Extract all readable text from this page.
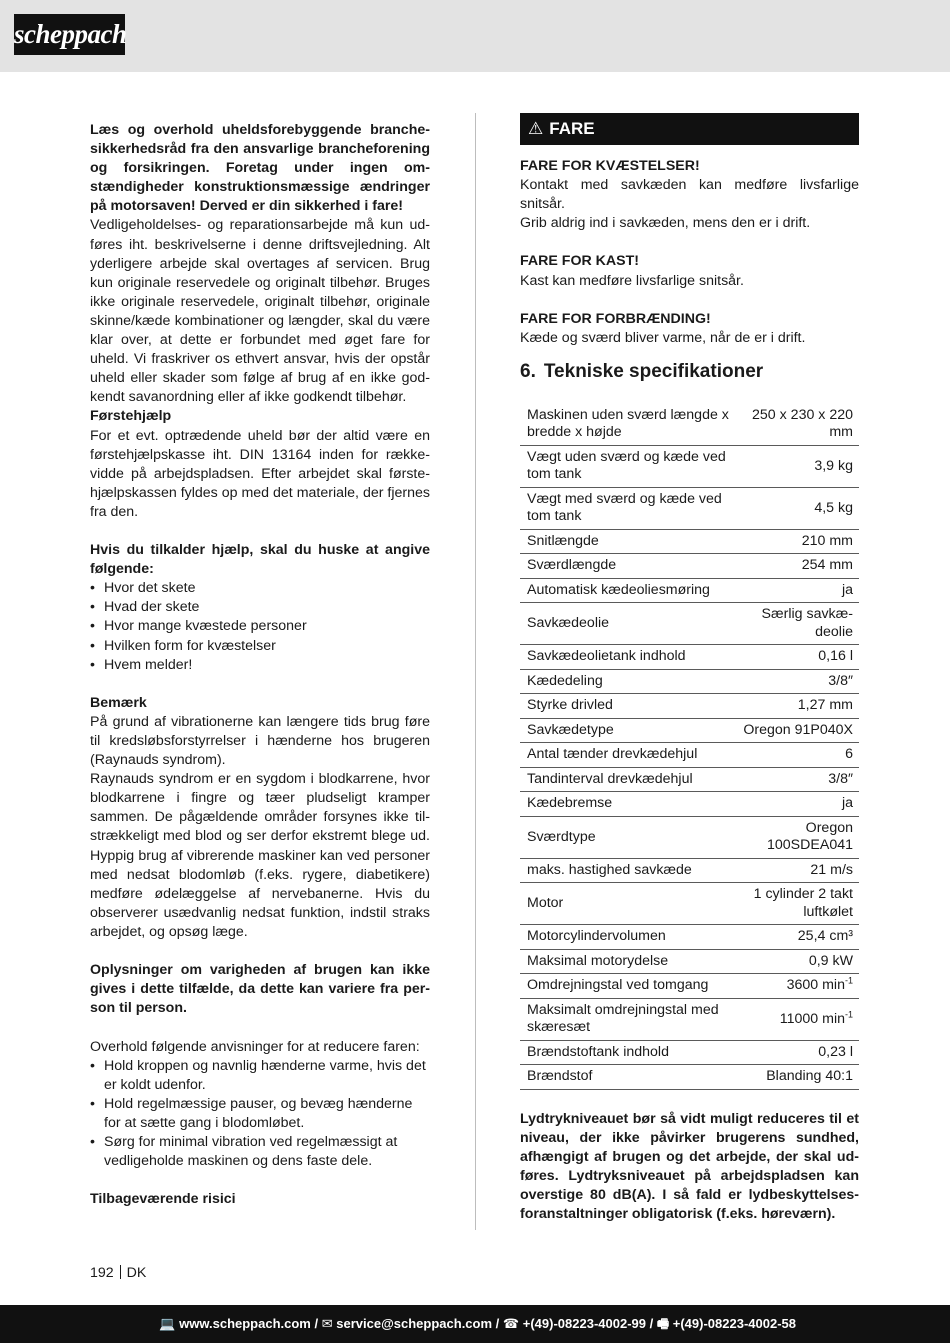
scheppach

Læs og overhold uheldsforebyggende branchesikkerhedsråd fra den ansvarlige brancheforening og forsikringen. Foretag under ingen omstændigheder konstruktionsmæssige ændringer på motorsaven! Derved er din sikkerhed i fare!

Vedligeholdelses- og reparationsarbejde må kun udføres iht. beskrivelserne i denne driftsvejledning. Alt yderligere arbejde skal overtages af servicen. Brug kun originale reservedele og originalt tilbehør. Bruges ikke originale reservedele, originalt tilbehør, originale skinne/kæde kombinationer og længder, skal du være klar over, at dette er forbundet med øget fare for uheld. Vi fraskriver os ethvert ansvar, hvis der opstår uheld eller skader som følge af brug af en ikke godkendt savanordning eller af ikke godkendt tilbehør.

Førstehjælp

For et evt. optrædende uheld bør der altid være en førstehjælpskasse iht. DIN 13164 inden for rækkevidde på arbejdspladsen. Efter arbejdet skal førstehjælpskassen fyldes op med det materiale, der fjernes fra den.

Hvis du tilkalder hjælp, skal du huske at angive følgende:

• Hvor det skete
• Hvad der skete
• Hvor mange kvæstede personer
• Hvilken form for kvæstelser
• Hvem melder!

Bemærk

På grund af vibrationerne kan længere tids brug føre til kredsløbsforstyrrelser i hænderne hos brugeren (Raynauds syndrom).

Raynauds syndrom er en sygdom i blodkarrene, hvor blodkarrene i fingre og tæer pludseligt kramper sammen. De pågældende områder forsynes ikke tilstrækkeligt med blod og ser derfor ekstremt blege ud. Hyppig brug af vibrerende maskiner kan ved personer med nedsat blodomløb (f.eks. rygere, diabetikere) medføre ødelæggelse af nervebanerne. Hvis du observerer usædvanlig nedsat funktion, indstil straks arbejdet, og opsøg læge.

Oplysninger om varigheden af brugen kan ikke gives i dette tilfælde, da dette kan variere fra person til person.

Overhold følgende anvisninger for at reducere faren:

• Hold kroppen og navnlig hænderne varme, hvis det er koldt udenfor.
• Hold regelmæssige pauser, og bevæg hænderne for at sætte gang i blodomløbet.
• Sørg for minimal vibration ved regelmæssigt at vedligeholde maskinen og dens faste dele.

Tilbageværende risici

⚠ FARE

FARE FOR KVÆSTELSER!

Kontakt med savkæden kan medføre livsfarlige snitsår.

Grib aldrig ind i savkæden, mens den er i drift.

FARE FOR KAST!

Kast kan medføre livsfarlige snitsår.

FARE FOR FORBRÆNDING!

Kæde og sværd bliver varme, når de er i drift.

6. Tekniske specifikationer
Maskinen uden sværd længde x bredde x højde	250 x 230 x 220 mm
Vægt uden sværd og kæde ved tom tank	3,9 kg
Vægt med sværd og kæde ved tom tank	4,5 kg
Snitlængde	210 mm
Sværdlængde	254 mm
Automatisk kædeoliesmøring	ja
Savkædeolie	Særlig savkædeolie
Savkædeolietank indhold	0,16 l
Kædedeling	3/8″
Styrke drivled	1,27 mm
Savkædetype	Oregon 91P040X
Antal tænder drevkædehjul	6
Tandinterval drevkædehjul	3/8″
Kædebremse	ja
Sværdtype	Oregon 100SDEA041
maks. hastighed savkæde	21 m/s
Motor	1 cylinder 2 takt luftkølet
Motorcylindervolumen	25,4 cm³
Maksimal motorydelse	0,9 kW
Omdrejningstal ved tomgang	3600 $\min^{-1}$
Maksimalt omdrejningstal med skæresæt	11000 $\min^{-1}$
Brændstoftank indhold	0,23 l
Brændstof	Blanding 40:1

Lydtrykniveauet bør så vidt muligt reduceres til et niveau, der ikke påvirker brugerens sundhed, afhængigt af brugen og det arbejde, der skal udføres. Lydtryksniveauet på arbejdspladsen kan overstige 80 dB(A). I så fald er lydbeskyttelsesforanstaltninger obligatorisk (f.eks. høreværn).

192 DK
💻 www.scheppach.com / ✉ service@scheppach.com / ☎ +(49)-08223-4002-99 / 🖷 +(49)-08223-4002-58
